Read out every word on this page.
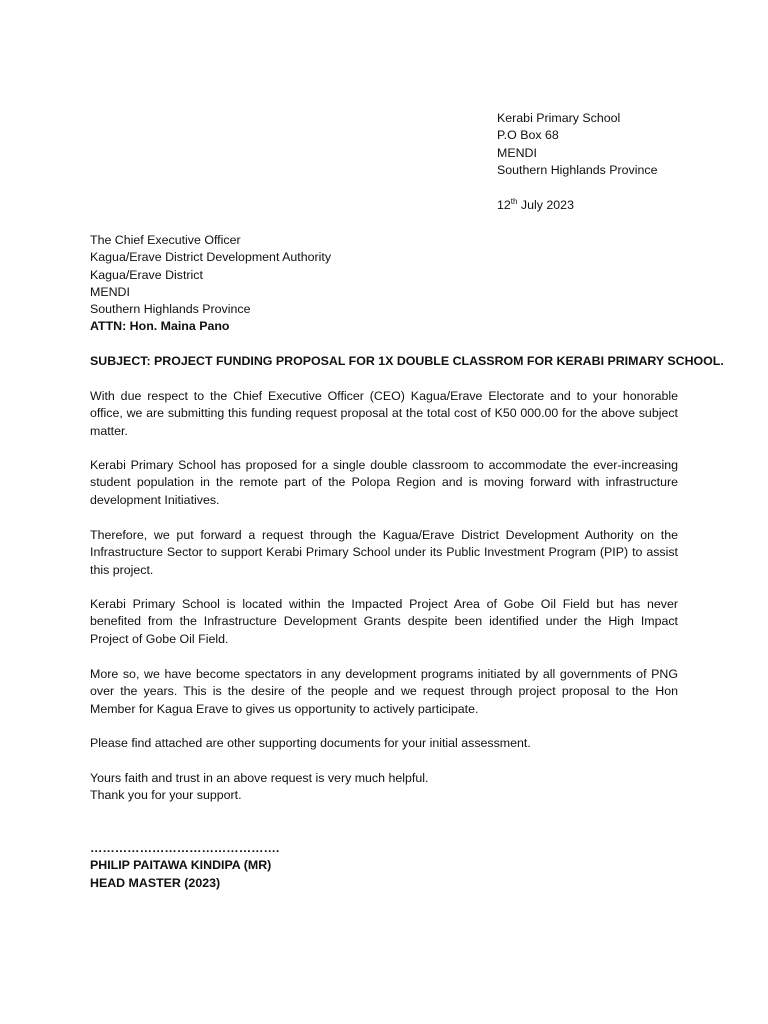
Kerabi Primary School
P.O Box 68
MENDI
Southern Highlands Province
12th July 2023
The Chief Executive Officer
Kagua/Erave District Development Authority
Kagua/Erave District
MENDI
Southern Highlands Province
ATTN: Hon. Maina Pano
SUBJECT: PROJECT FUNDING PROPOSAL FOR 1X DOUBLE CLASSROM FOR KERABI PRIMARY SCHOOL.
With due respect to the Chief Executive Officer (CEO) Kagua/Erave Electorate and to your honorable office, we are submitting this funding request proposal at the total cost of K50 000.00 for the above subject matter.
Kerabi Primary School has proposed for a single double classroom to accommodate the ever-increasing student population in the remote part of the Polopa Region and is moving forward with infrastructure development Initiatives.
Therefore, we put forward a request through the Kagua/Erave District Development Authority on the Infrastructure Sector to support Kerabi Primary School under its Public Investment Program (PIP) to assist this project.
Kerabi Primary School is located within the Impacted Project Area of Gobe Oil Field but has never benefited from the Infrastructure Development Grants despite been identified under the High Impact Project of Gobe Oil Field.
More so, we have become spectators in any development programs initiated by all governments of PNG over the years. This is the desire of the people and we request through project proposal to the Hon Member for Kagua Erave to gives us opportunity to actively participate.
Please find attached are other supporting documents for your initial assessment.
Yours faith and trust in an above request is very much helpful.
Thank you for your support.
……………………………………….
PHILIP PAITAWA KINDIPA (MR)
HEAD MASTER (2023)
